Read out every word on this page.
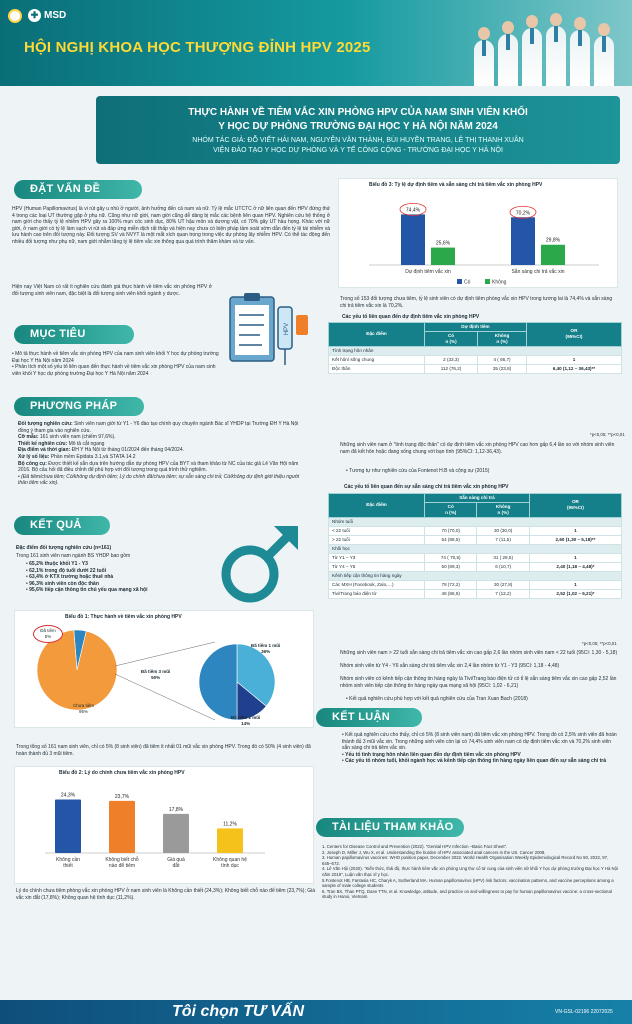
✚ MSD
HỘI NGHỊ KHOA HỌC THƯỢNG ĐỈNH HPV 2025
THỰC HÀNH VỀ TIÊM VẮC XIN PHÒNG HPV CỦA NAM SINH VIÊN KHỐI
Y HỌC DỰ PHÒNG TRƯỜNG ĐẠI HỌC Y HÀ NỘI NĂM 2024
NHÓM TÁC GIẢ: ĐỖ VIẾT HẢI NAM, NGUYỄN VĂN THÀNH, BÙI HUYỀN TRANG, LÊ THỊ THANH XUÂN
VIỆN ĐÀO TẠO Y HỌC DỰ PHÒNG VÀ Y TẾ CÔNG CỘNG - TRƯỜNG ĐẠI HỌC Y HÀ NỘI
ĐẶT VẤN ĐỀ
HPV (Human Papillomavirus) là vi rút gây u nhú ở người, ảnh hưởng đến cả nam và nữ. Tỷ lệ mắc UTCTC ở nữ liên quan đến HPV đứng thứ 4 trong các loại UT thường gặp ở phụ nữ. Cũng như nữ giới, nam giới cũng dễ dàng bị mắc các bệnh liên quan HPV. Nghiên cứu hệ thống ở nam giới cho thấy tỷ lệ nhiễm HPV gây ra 100% mụn cóc sinh dục, 80% UT hậu môn và dương vật, có 70% gây UT hầu họng. Khác với nữ giới, ở nam giới có tỷ lệ làm sạch vi rút và đáp ứng miễn dịch rất thấp và hiện nay chưa có biện pháp tầm soát sớm dẫn đến tỷ lệ tái nhiễm và lưu hành cao trên đối tượng này. Đối tượng SV và NVYT là một mắt xích quan trọng trong việc dự phòng lây nhiễm HPV. Có thể tác động đến nhiều đối tượng như phụ nữ, nam giới nhằm tăng tỷ lệ tiêm vắc xin thông qua quá trình thăm khám và tư vấn.
Hiện nay Việt Nam có rất ít nghiên cứu đánh giá thực hành về tiêm vắc xin phòng HPV ở đối tượng sinh viên nam, đặc biệt là đối tượng sinh viên khối ngành y dược.
HPV
MỤC TIÊU
• Mô tả thực hành về tiêm vắc xin phòng HPV của nam sinh viên khối Y học dự phòng trường Đại học Y Hà Nội năm 2024
• Phân tích một số yếu tố liên quan đến thực hành về tiêm vắc xin phòng HPV của nam sinh viên khối Y học dự phòng trường Đại học Y Hà Nội năm 2024
PHƯƠNG PHÁP
Đối tượng nghiên cứu: Sinh viên nam giới từ Y1 - Y6 đào tạo chính quy chuyên ngành Bác sĩ YHDP tại Trường ĐH Y Hà Nội đồng ý tham gia vào nghiên cứu.
Cỡ mẫu: 161 sinh viên nam (chiếm 97,6%).
Thiết kế nghiên cứu: Mô tả cắt ngang
Địa điểm và thời gian: ĐH Y Hà Nội từ tháng 01/2024 đến tháng 04/2024.
Xử lý số liệu: Phần mềm Epidata 3.1,và STATA 14.2
Bộ công cụ: Được thiết kế sẵn dựa trên hướng dẫn dự phòng HPV của BYT và tham khảo từ NC của tác giả Lê Văn Hội năm 2016. Bộ câu hỏi đã điều chỉnh để phù hợp với đối tượng trong quá trình thử nghiệm.
• (Đã tiêm/chưa tiêm; Có/không dự định tiêm; Lý do chính đã/chưa tiêm; sự sẵn sàng chi trả; Có/không dự định giới thiệu người thân tiêm vắc xin).
KẾT QUẢ
Đặc điểm đối tượng nghiên cứu (n=161)
Trong 161 sinh viên nam ngành BS YHDP bao gồm
• 65,2% thuộc khối Y1 - Y3
• 62,1% trong độ tuổi dưới 22 tuổi
• 63,4% ở KTX trường hoặc thuê nhà
• 96,3% sinh viên còn độc thân
• 95,6% tiếp cận thông tin chủ yếu qua mạng xã hội
Biểu đồ 1: Thực hành về tiêm vắc xin phòng HPV
Đã tiêm
5%
Chưa tiêm
95%
Đã tiêm 1 mũi
36%
Đã tiêm 2 mũi
14%
Đã tiêm 3 mũi
50%
Trong tổng số 161 nam sinh viên, chỉ có 5% (8 sinh viên) đã tiêm ít nhất 01 mũi vắc xin phòng HPV. Trong đó có 50% (4 sinh viên) đã hoàn thành đủ 3 mũi tiêm.
Biểu đồ 2: Lý do chính chưa tiêm vắc xin phòng HPV
24,3%
Không cần
thiết
23,7%
Không biết chỗ
nào để tiêm
17,8%
Giá quá
đắt
11,2%
Không quan hệ
tình dục
Lý do chính chưa tiêm phòng vắc xin phòng HPV ở nam sinh viên là Không cần thiết (24,3%); Không biết chỗ nào để tiêm (23,7%); Giá vắc xin đắt (17,8%); Không quan hệ tình dục (11,2%).
Biểu đồ 3: Tỷ lệ dự định tiêm và sẵn sàng chi trả tiêm vắc xin phòng HPV
74,4%
25,6%
Dự định tiêm vắc xin
70,2%
29,8%
Sẵn sàng chi trả vắc xin
Có	Không
Trong số 153 đối tượng chưa tiêm, tỷ lệ sinh viên có dự định tiêm phòng vắc xin HPV trong tương lai là 74,4% và sẵn sàng chi trả tiêm vắc xin là 70,2%.
Các yếu tố liên quan đến dự định tiêm vắc xin phòng HPV
Đặc điểm	Dự định tiêm		OR
(95%CI)
	Có
n (%)	Không
n (%)	
Tình trạng hôn nhân			
Kết hôn/ sống chung	2 (33,3)	4 ( 66,7)	1
Độc thân	112 (76,2)	35 (23,8)	6,40 (1,12 – 36,43)**
*p<0,05; **p<0,01
Những sinh viên nam ở "tình trạng độc thân" có dự định tiêm vắc xin phòng HPV cao hơn gấp 6,4 lần so với nhóm sinh viên nam đã kết hôn hoặc đang sống chung với bạn tình (95%CI: 1,12-36,43).
• Tương tự như nghiên cứu của Fontenot H.B và cộng sự (2015)
Các yếu tố liên quan đến sự sẵn sàng chi trả tiêm vắc xin phòng HPV
Đặc điểm	Sẵn sàng chi trả		OR
(95%CI)
	Có
n (%)	Không
n (%)	
Nhóm tuổi			
< 22 tuổi	70 (70,0)	30 (30,0)	1
> 22 tuổi	54 (88,5)	7 (11,5)	2,60 (1,30 – 5,18)**
Khối học			
Từ Y1 – Y3	74 ( 70,5)	31 ( 29,5)	1
Từ Y4 – Y6	50 (89,3)	6 (10,7)	2,40 (1,18 – 4,48)*
Kênh tiếp cận thông tin hàng ngày			
Các MXH (Facebook, Zalo,…)	78 (72,2)	30 (27,8)	1
Tivi/Trang báo điện tử	46 (86,8)	7 (13,2)	2,52 (1,02 – 6,21)*
*p<0,05; **p<0,01
Những sinh viên nam > 22 tuổi sẵn sàng chi trả tiêm vắc xin cao gấp 2,6 lần nhóm sinh viên nam < 22 tuổi (95CI: 1,30 - 5,18)
Nhóm sinh viên từ Y4 - Y6 sẵn sàng chi trả tiêm vắc xin 2,4 lần nhóm từ Y1 - Y3 (95CI: 1,18 - 4,48)
Nhóm sinh viên có kênh tiếp cận thông tin hàng ngày là Tivi/Trang báo điện tử có tỉ lệ sẵn sàng tiêm vắc xin cao gấp 2,52 lần nhóm sinh viên tiếp cận thông tin hàng ngày qua mạng xã hội (95CI: 1,02 - 6,21)
• Kết quả nghiên cứu phù hợp với kết quả nghiên cứu của Tran Xuan Bach (2018)
KẾT LUẬN
• Kết quả nghiên cứu cho thấy, chỉ có 5% (8 sinh viên nam) đã tiêm vắc xin phòng HPV. Trong đó có 2,5% sinh viên đã hoàn thành đủ 3 mũi vắc xin. Trong những sinh viên còn lại có 74,4% sinh viên nam có dự định tiêm vắc xin và 70,2% sinh viên sẵn sàng chi trả tiêm vắc xin.
• Yếu tố tình trạng hôn nhân liên quan đến dự định tiêm vắc xin phòng HPV
• Các yếu tố nhóm tuổi, khối ngành học và kênh tiếp cận thông tin hàng ngày liên quan đến sự sẵn sàng chi trả
TÀI LIỆU THAM KHẢO
1. Centers for Disease Control and Prevention (2022). "Genital HPV Infection –Basic Fact Sheet".
2. Joseph D, Miller J, Wu X, et al. Understanding the burden of HPV associated anal cancers in the US. Cancer 2008.
3. Human papillomavirus vaccines: WHO position paper, December 2022. World Health Organisation Weekly Epidemiological Record No 50, 2022, 97, 645–672.
4. Lê Văn Hội (2020). "Kiến thức, thái độ, thực hành tiêm vắc xin phòng Ung thư cổ tử cung của sinh viên nữ khối Y học dự phòng trường Đại học Y Hà Nội năm 2019", Luận văn thạc sĩ y học.
5.Fontenot HB, Fantasia HC, Charyk A, Sutherland MA. Human papillomavirus (HPV) risk factors, vaccination patterns, and vaccine perceptions among a sample of male college students
6. Tran BX, Than PTQ, Doan TTN, et al. Knowledge, attitude, and practice on and willingness to pay for human papillomavirus vaccine: a cross-sectional study in Hanoi, Vietnam.
Tôi chọn TƯ VẤN	VN-GSL-02196 22072025
